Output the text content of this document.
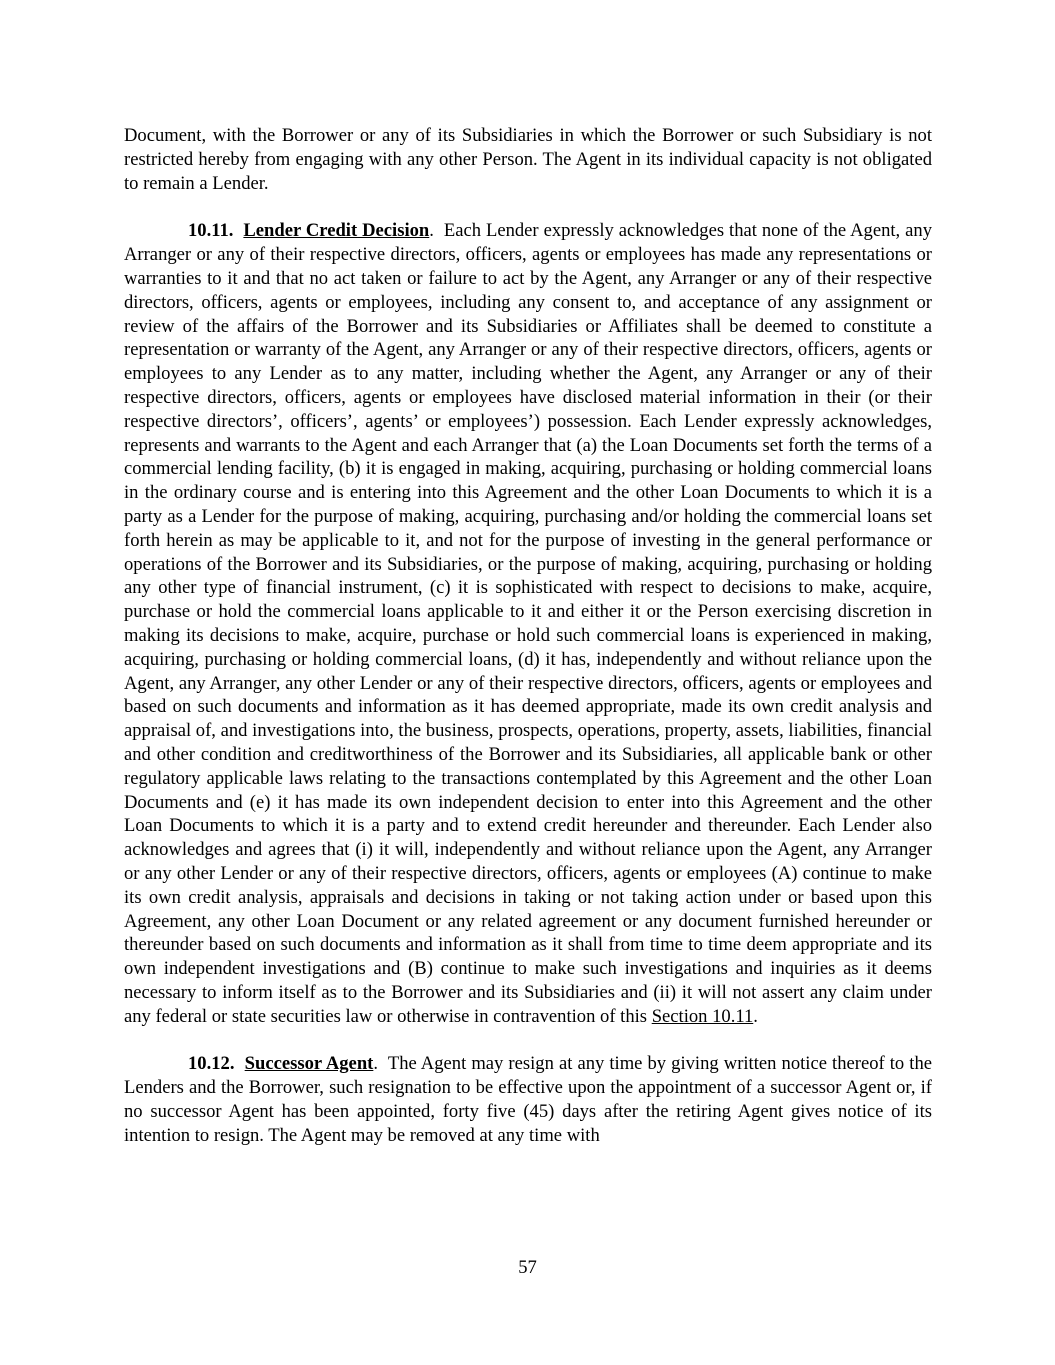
Document, with the Borrower or any of its Subsidiaries in which the Borrower or such Subsidiary is not restricted hereby from engaging with any other Person. The Agent in its individual capacity is not obligated to remain a Lender.

10.11. Lender Credit Decision.  Each Lender expressly acknowledges that none of the Agent, any Arranger or any of their respective directors, officers, agents or employees has made any representations or warranties to it and that no act taken or failure to act by the Agent, any Arranger or any of their respective directors, officers, agents or employees, including any consent to, and acceptance of any assignment or review of the affairs of the Borrower and its Subsidiaries or Affiliates shall be deemed to constitute a representation or warranty of the Agent, any Arranger or any of their respective directors, officers, agents or employees to any Lender as to any matter, including whether the Agent, any Arranger or any of their respective directors, officers, agents or employees have disclosed material information in their (or their respective directors’, officers’, agents’ or employees’) possession. Each Lender expressly acknowledges, represents and warrants to the Agent and each Arranger that (a) the Loan Documents set forth the terms of a commercial lending facility, (b) it is engaged in making, acquiring, purchasing or holding commercial loans in the ordinary course and is entering into this Agreement and the other Loan Documents to which it is a party as a Lender for the purpose of making, acquiring, purchasing and/or holding the commercial loans set forth herein as may be applicable to it, and not for the purpose of investing in the general performance or operations of the Borrower and its Subsidiaries, or the purpose of making, acquiring, purchasing or holding any other type of financial instrument, (c) it is sophisticated with respect to decisions to make, acquire, purchase or hold the commercial loans applicable to it and either it or the Person exercising discretion in making its decisions to make, acquire, purchase or hold such commercial loans is experienced in making, acquiring, purchasing or holding commercial loans, (d) it has, independently and without reliance upon the Agent, any Arranger, any other Lender or any of their respective directors, officers, agents or employees and based on such documents and information as it has deemed appropriate, made its own credit analysis and appraisal of, and investigations into, the business, prospects, operations, property, assets, liabilities, financial and other condition and creditworthiness of the Borrower and its Subsidiaries, all applicable bank or other regulatory applicable laws relating to the transactions contemplated by this Agreement and the other Loan Documents and (e) it has made its own independent decision to enter into this Agreement and the other Loan Documents to which it is a party and to extend credit hereunder and thereunder. Each Lender also acknowledges and agrees that (i) it will, independently and without reliance upon the Agent, any Arranger or any other Lender or any of their respective directors, officers, agents or employees (A) continue to make its own credit analysis, appraisals and decisions in taking or not taking action under or based upon this Agreement, any other Loan Document or any related agreement or any document furnished hereunder or thereunder based on such documents and information as it shall from time to time deem appropriate and its own independent investigations and (B) continue to make such investigations and inquiries as it deems necessary to inform itself as to the Borrower and its Subsidiaries and (ii) it will not assert any claim under any federal or state securities law or otherwise in contravention of this Section 10.11.

10.12. Successor Agent.  The Agent may resign at any time by giving written notice thereof to the Lenders and the Borrower, such resignation to be effective upon the appointment of a successor Agent or, if no successor Agent has been appointed, forty five (45) days after the retiring Agent gives notice of its intention to resign. The Agent may be removed at any time with

57
